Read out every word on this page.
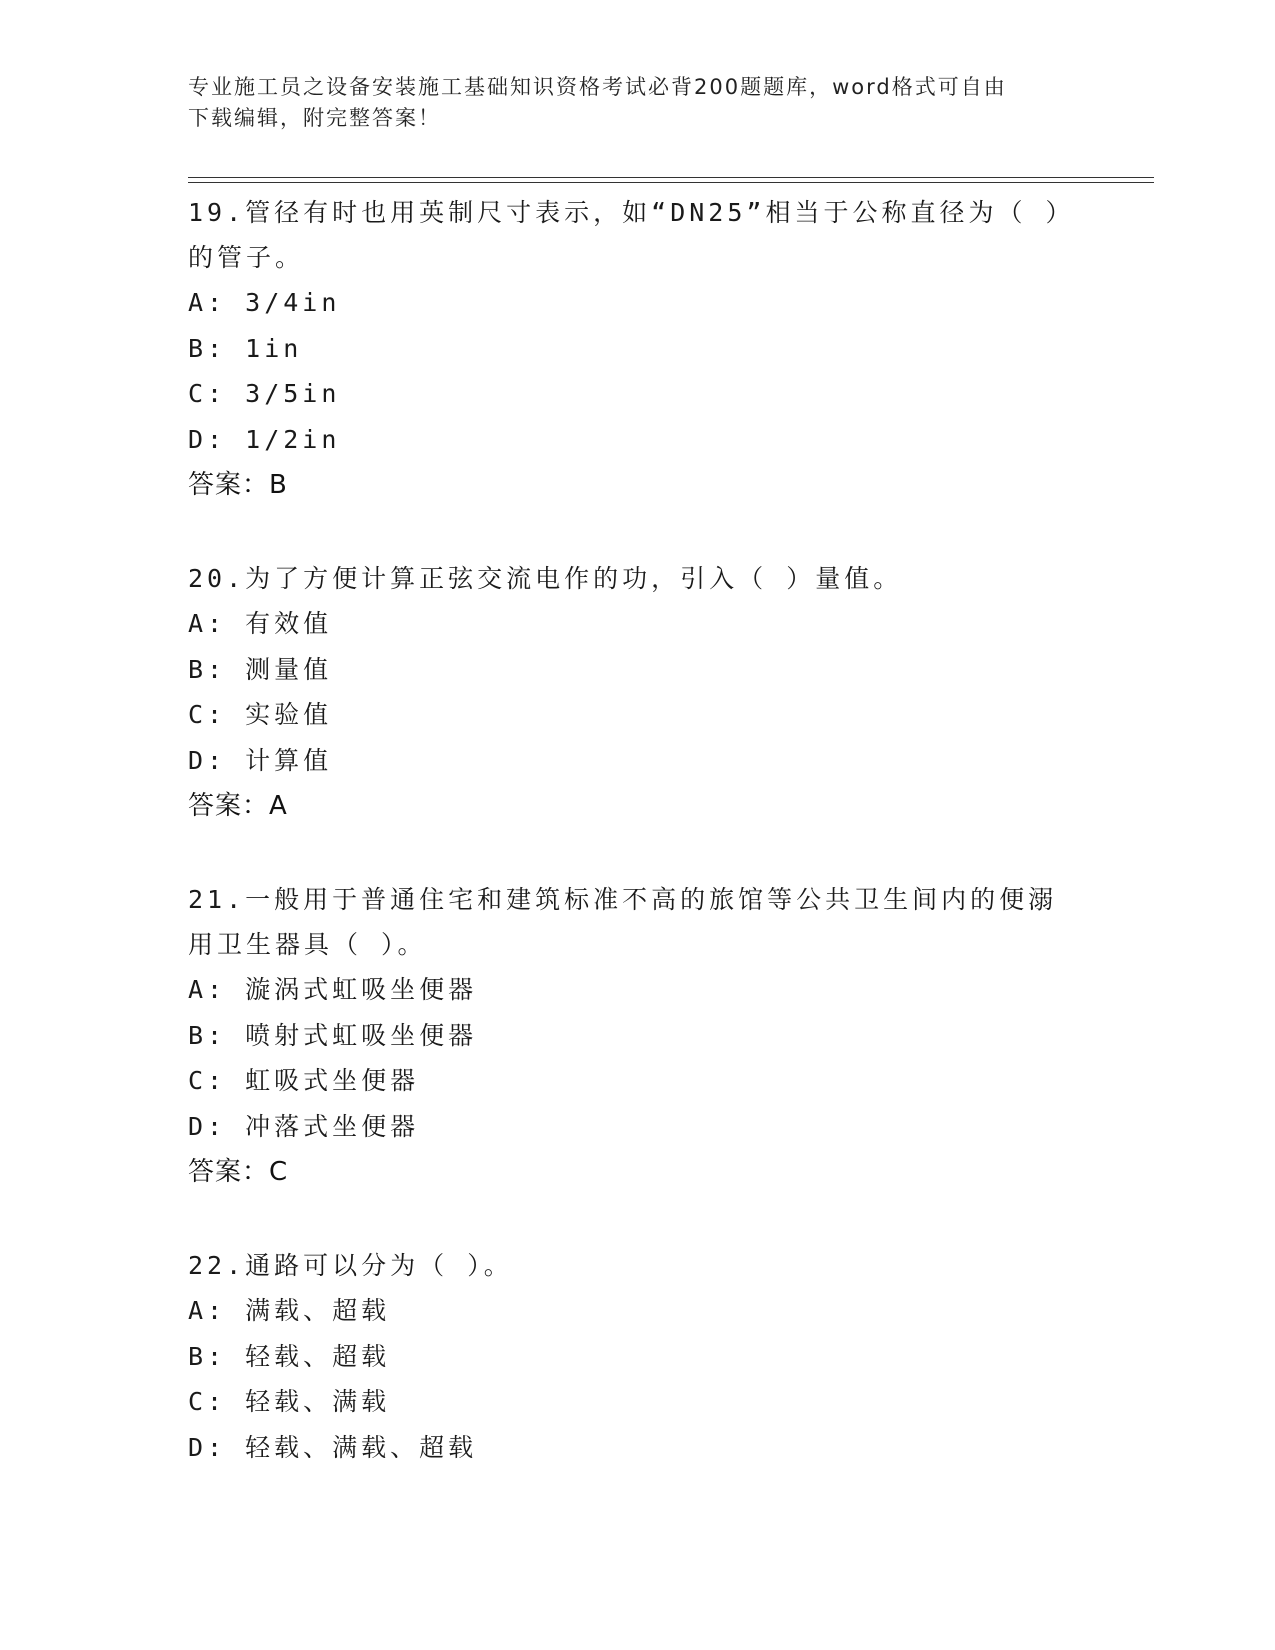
专业施工员之设备安装施工基础知识资格考试必背200题题库，word格式可自由
下载编辑，附完整答案！

19.管径有时也用英制尺寸表示，如“DN25”相当于公称直径为（ ）的管子。

A: 3/4in

B: 1in

C: 3/5in

D: 1/2in

答案：B

20.为了方便计算正弦交流电作的功，引入（ ）量值。

A: 有效值

B: 测量值

C: 实验值

D: 计算值

答案：A

21.一般用于普通住宅和建筑标准不高的旅馆等公共卫生间内的便溺用卫生器具（ ）。

A: 漩涡式虹吸坐便器

B: 喷射式虹吸坐便器

C: 虹吸式坐便器

D: 冲落式坐便器

答案：C

22.通路可以分为（ ）。

A: 满载、超载

B: 轻载、超载

C: 轻载、满载

D: 轻载、满载、超载
